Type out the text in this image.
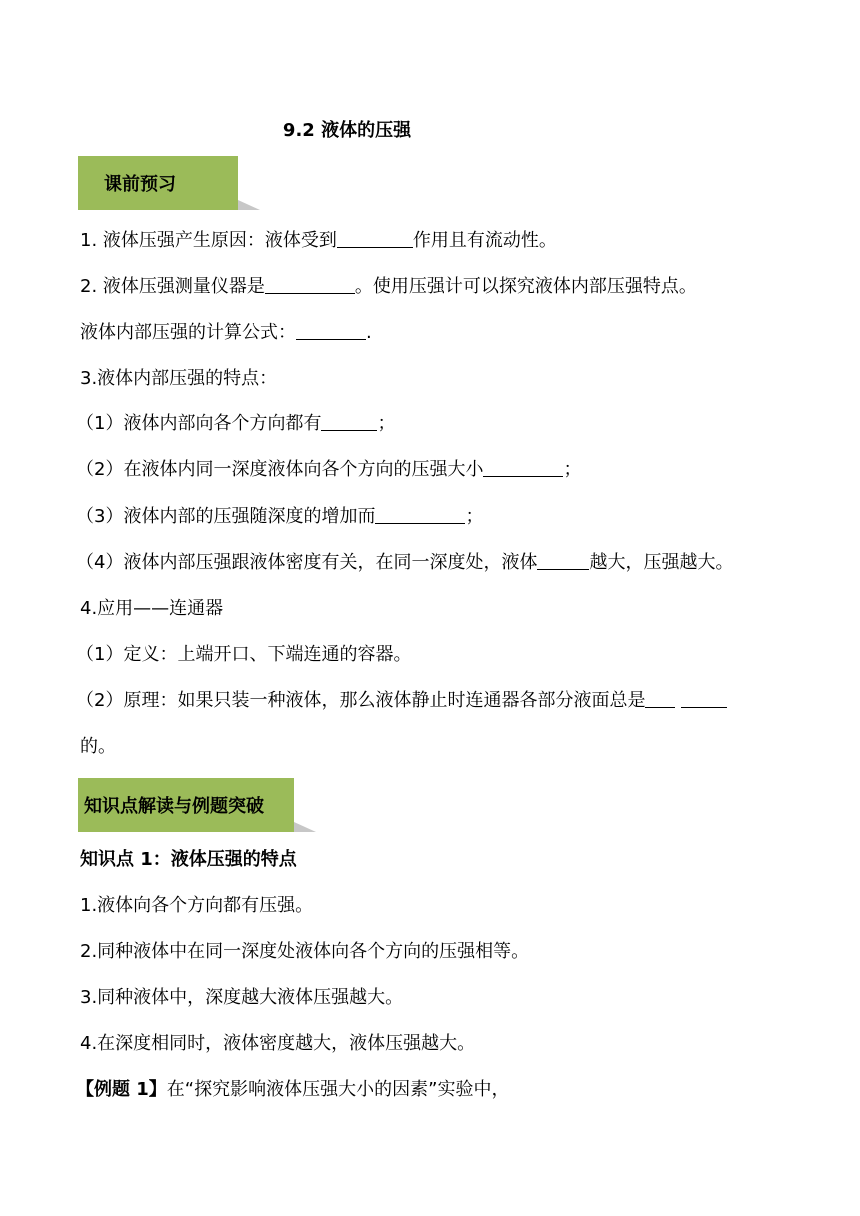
9.2 液体的压强
课前预习
1. 液体压强产生原因：液体受到	作用且有流动性。
2. 液体压强测量仪器是	。使用压强计可以探究液体内部压强特点。
液体内部压强的计算公式：	.
3.液体内部压强的特点：
（1）液体内部向各个方向都有	；
（2）在液体内同一深度液体向各个方向的压强大小	；
（3）液体内部的压强随深度的增加而	；
（4）液体内部压强跟液体密度有关，在同一深度处，液体	越大，压强越大。
4.应用——连通器
（1）定义：上端开口、下端连通的容器。
（2）原理：如果只装一种液体，那么液体静止时连通器各部分液面总是
的。
知识点解读与例题突破
知识点 1：液体压强的特点
1.液体向各个方向都有压强。
2.同种液体中在同一深度处液体向各个方向的压强相等。
3.同种液体中，深度越大液体压强越大。
4.在深度相同时，液体密度越大，液体压强越大。
【例题 1】在“探究影响液体压强大小的因素”实验中，
